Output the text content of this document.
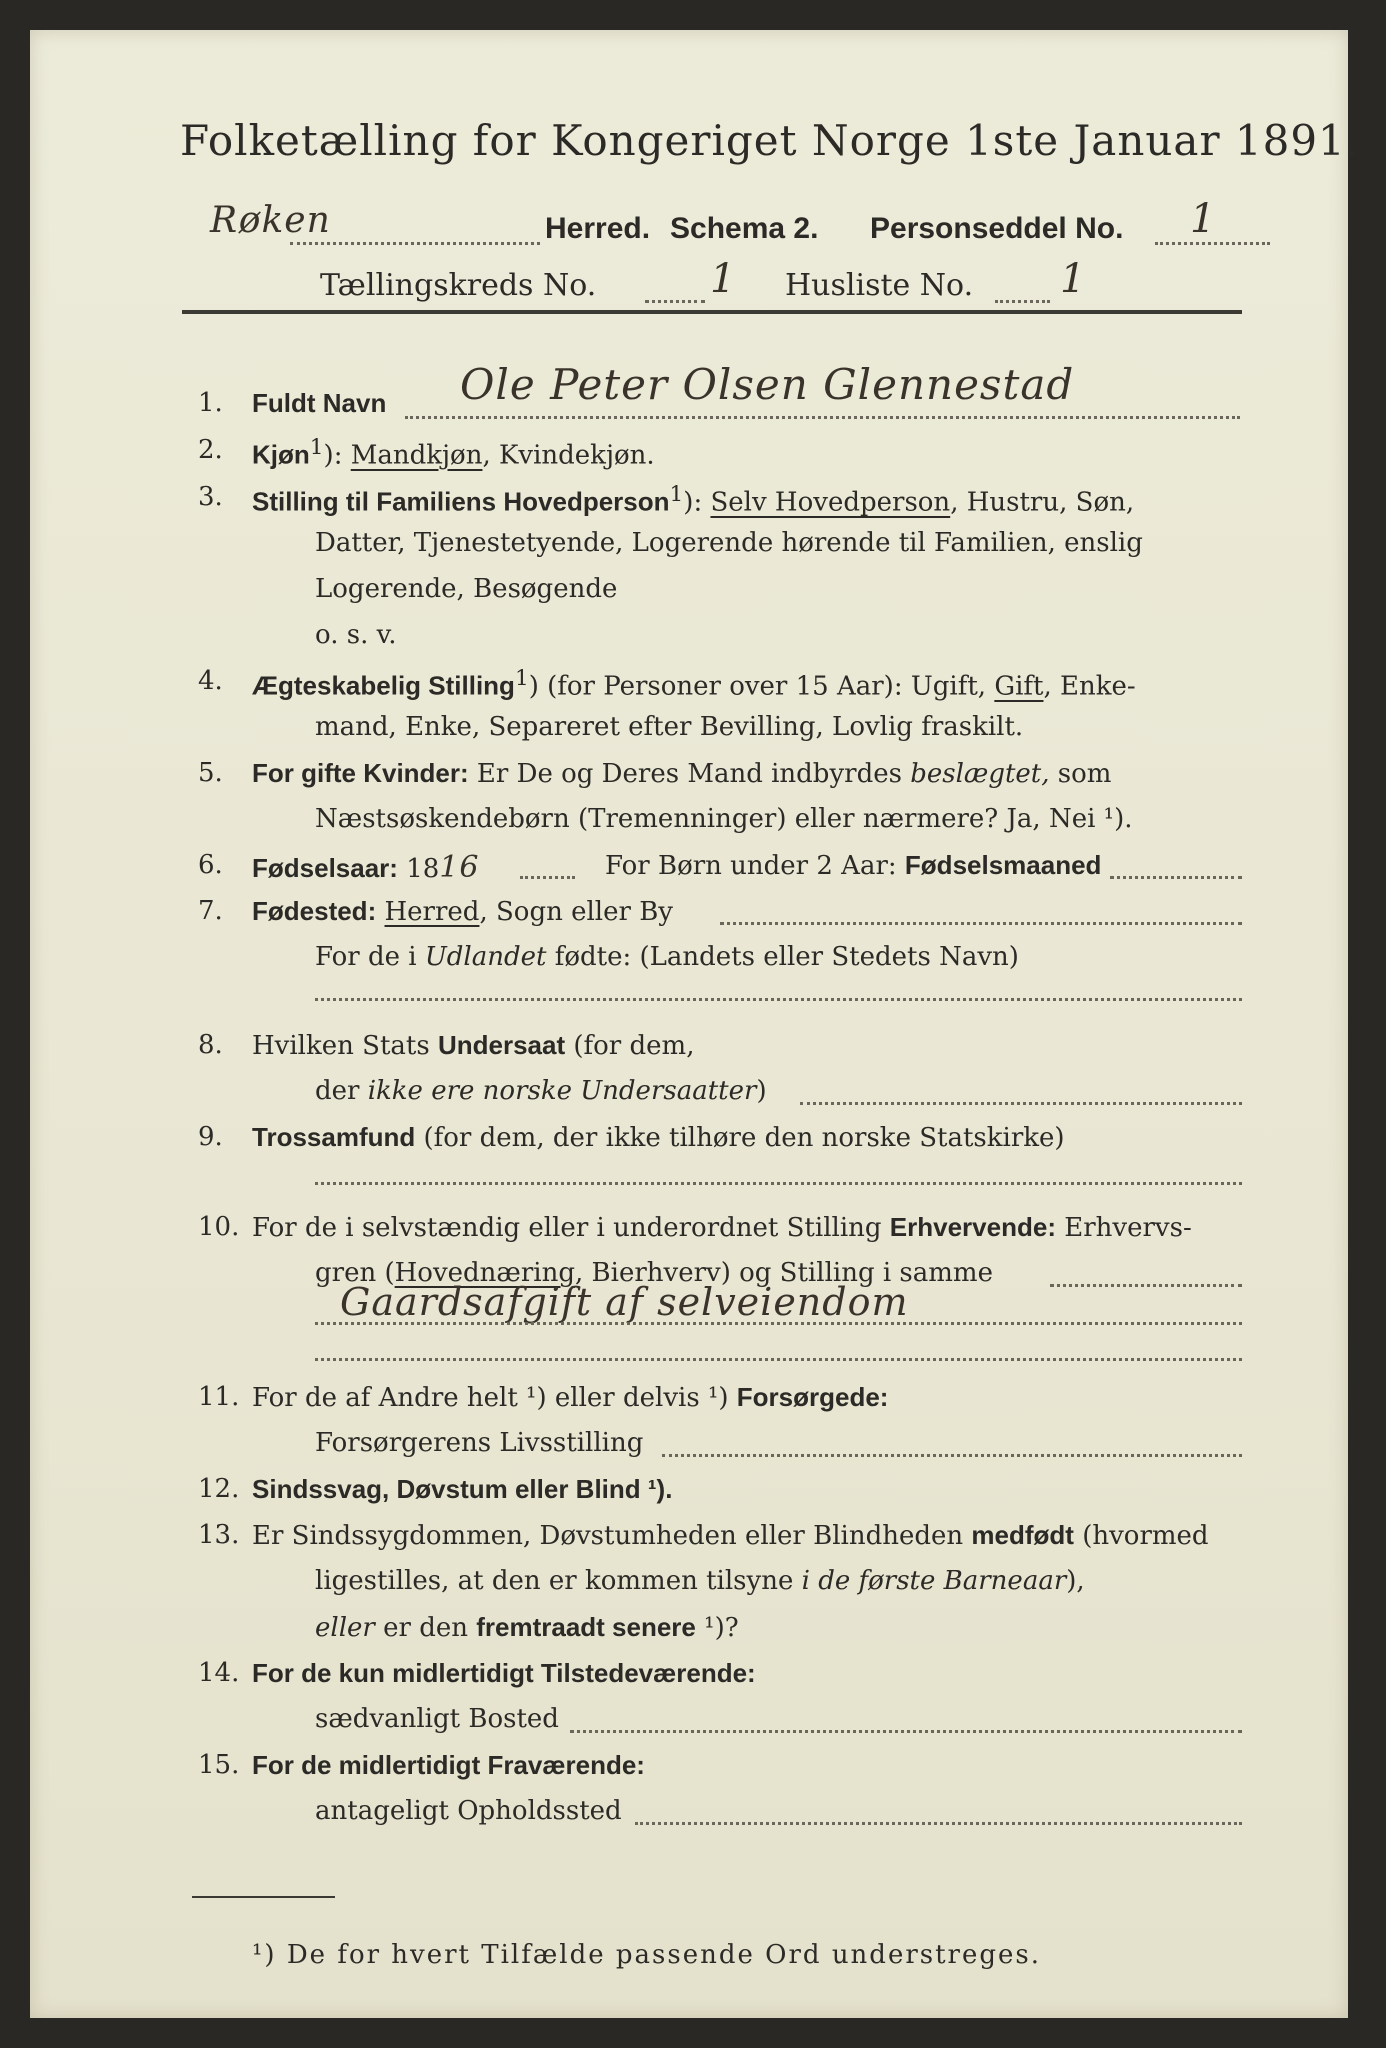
Folketælling for Kongeriget Norge 1ste Januar 1891.
Røken	Herred. Schema 2. Personseddel No. 1
Tællingskreds No.	1 Husliste No. 1
1.	Fuldt Navn Ole Peter Olsen Glennestad
2.	Kjøn$^1$): Mandkjøn, Kvindekjøn.
3.	Stilling til Familiens Hovedperson$^1$): Selv Hovedperson, Hustru, Søn,
Datter, Tjenestetyende, Logerende hørende til Familien, enslig
Logerende, Besøgende
o. s. v.
4.	Ægteskabelig Stilling$^1$) (for Personer over 15 Aar): Ugift, Gift, Enke-
mand, Enke, Separeret efter Bevilling, Lovlig fraskilt.
5.	For gifte Kvinder: Er De og Deres Mand indbyrdes beslægtet, som
Næstsøskendebørn (Tremenninger) eller nærmere? Ja, Nei ¹).
6.	Fødselsaar: 1816	For Børn under 2 Aar: Fødselsmaaned
7.	Fødested: Herred, Sogn eller By
For de i Udlandet fødte: (Landets eller Stedets Navn)
8.	Hvilken Stats Undersaat (for dem,
der ikke ere norske Undersaatter)
9.	Trossamfund (for dem, der ikke tilhøre den norske Statskirke)
10. For de i selvstændig eller i underordnet Stilling Erhvervende: Erhvervs-
gren (Hovednæring, Bierhverv) og Stilling i samme
Gaardsafgift af selveiendom
11. For de af Andre helt ¹) eller delvis ¹) Forsørgede:
Forsørgerens Livsstilling
12. Sindssvag, Døvstum eller Blind ¹).
13. Er Sindssygdommen, Døvstumheden eller Blindheden medfødt (hvormed
ligestilles, at den er kommen tilsyne i de første Barneaar),
eller er den fremtraadt senere ¹)?
14. For de kun midlertidigt Tilstedeværende:
sædvanligt Bosted
15. For de midlertidigt Fraværende:
antageligt Opholdssted
¹) De for hvert Tilfælde passende Ord understreges.
